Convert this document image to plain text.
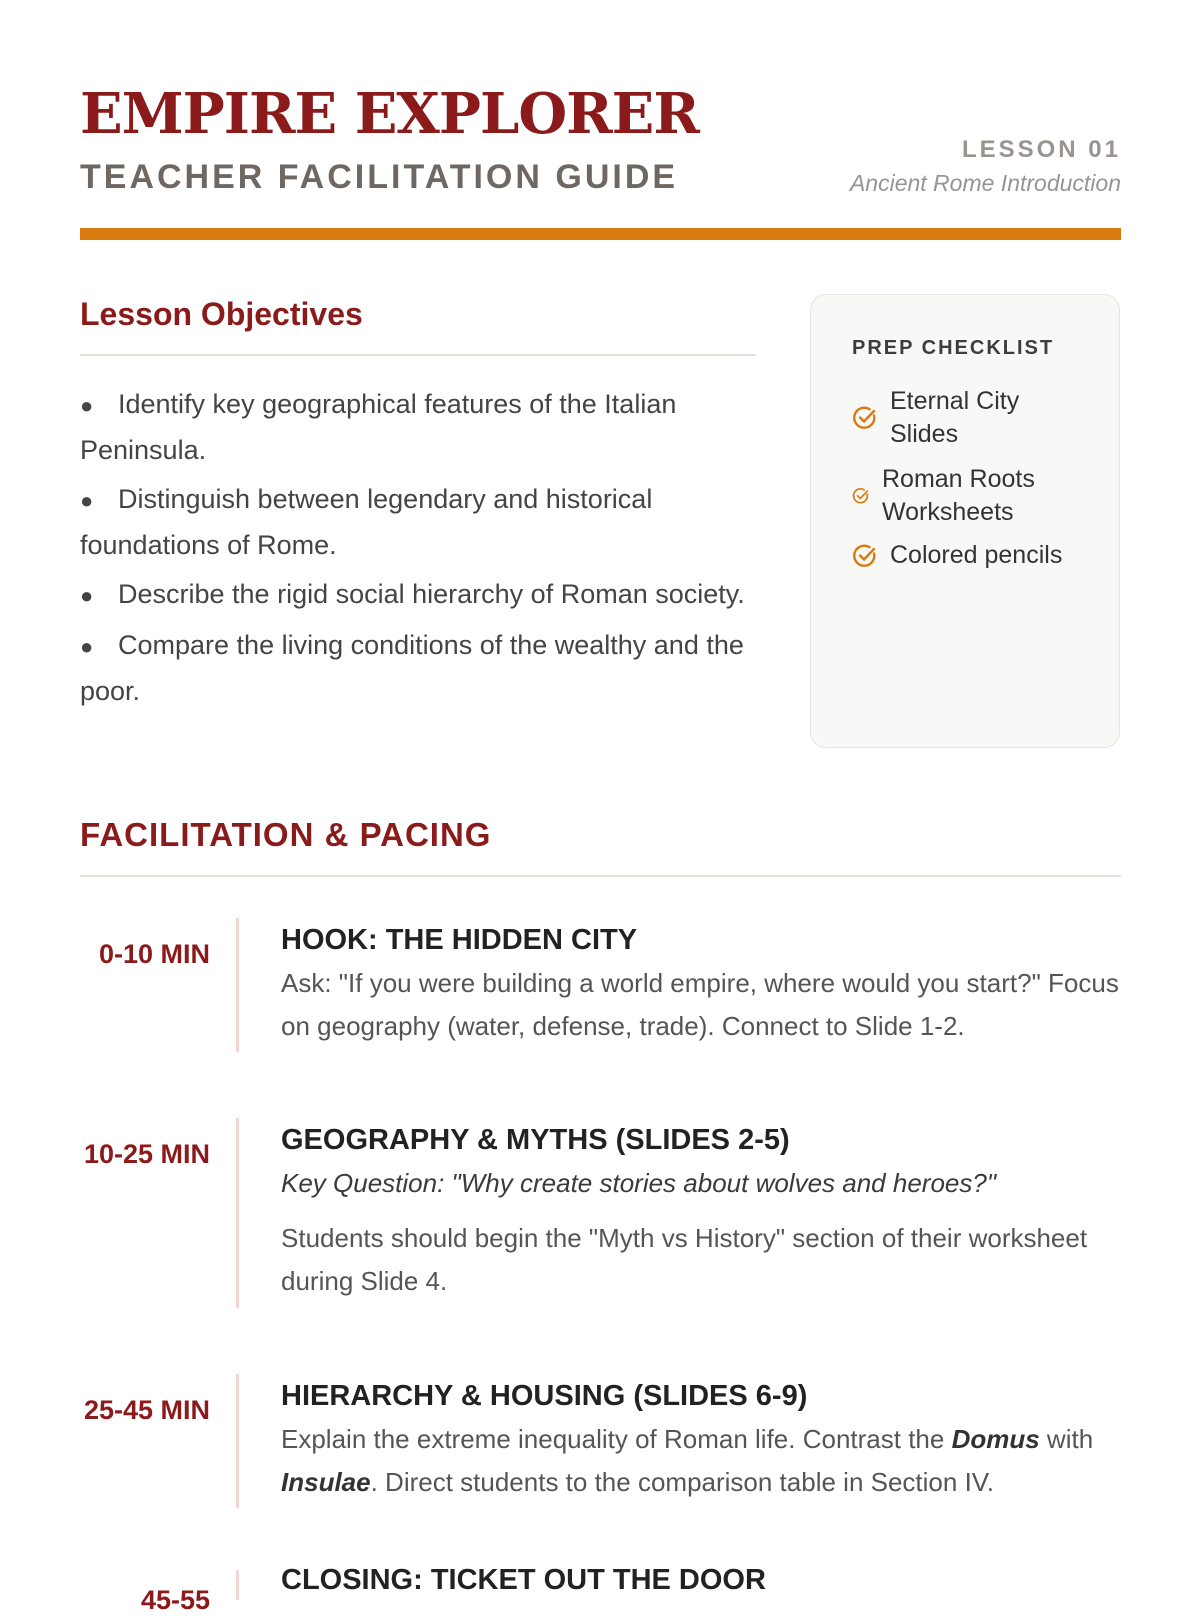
EMPIRE EXPLORER
TEACHER FACILITATION GUIDE
LESSON 01
Ancient Rome Introduction
Lesson Objectives
● Identify key geographical features of the Italian Peninsula.
● Distinguish between legendary and historical foundations of Rome.
● Describe the rigid social hierarchy of Roman society.
● Compare the living conditions of the wealthy and the poor.
PREP CHECKLIST
Eternal City Slides
Roman Roots Worksheets
Colored pencils
FACILITATION & PACING
0-10 MIN HOOK: THE HIDDEN CITY

Ask: "If you were building a world empire, where would you start?" Focus on geography (water, defense, trade). Connect to Slide 1-2.

10-25 MIN GEOGRAPHY & MYTHS (SLIDES 2-5)

Key Question: "Why create stories about wolves and heroes?"

Students should begin the "Myth vs History" section of their worksheet during Slide 4.

25-45 MIN HIERARCHY & HOUSING (SLIDES 6-9)

Explain the extreme inequality of Roman life. Contrast the Domus with Insulae. Direct students to the comparison table in Section IV.

45-55

CLOSING: TICKET OUT THE DOOR
